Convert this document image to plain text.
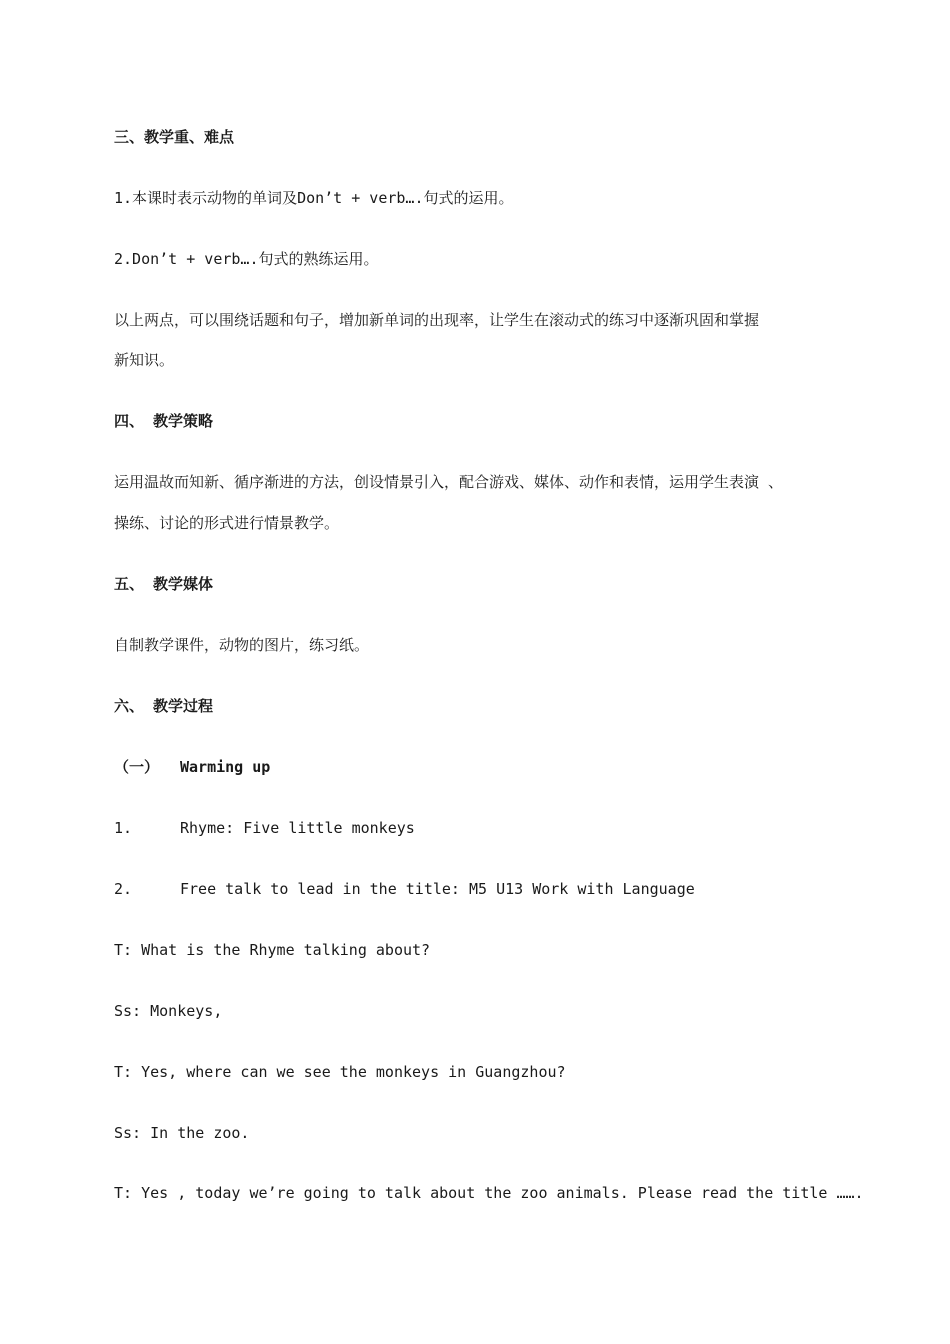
三、教学重、难点
1.本课时表示动物的单词及Don’t + verb….句式的运用。
2.Don’t + verb….句式的熟练运用。
以上两点，可以围绕话题和句子，增加新单词的出现率，让学生在滚动式的练习中逐渐巩固和掌握
新知识。
四、 教学策略
运用温故而知新、循序渐进的方法，创设情景引入，配合游戏、媒体、动作和表情，运用学生表演 、
操练、讨论的形式进行情景教学。
五、 教学媒体
自制教学课件，动物的图片，练习纸。
六、 教学过程
（一） Warming up
1.	Rhyme: Five little monkeys
2.	Free talk to lead in the title: M5 U13 Work with Language
T: What is the Rhyme talking about?
Ss: Monkeys,
T: Yes, where can we see the monkeys in Guangzhou?
Ss: In the zoo.
T: Yes , today we’re going to talk about the zoo animals. Please read the title …….
